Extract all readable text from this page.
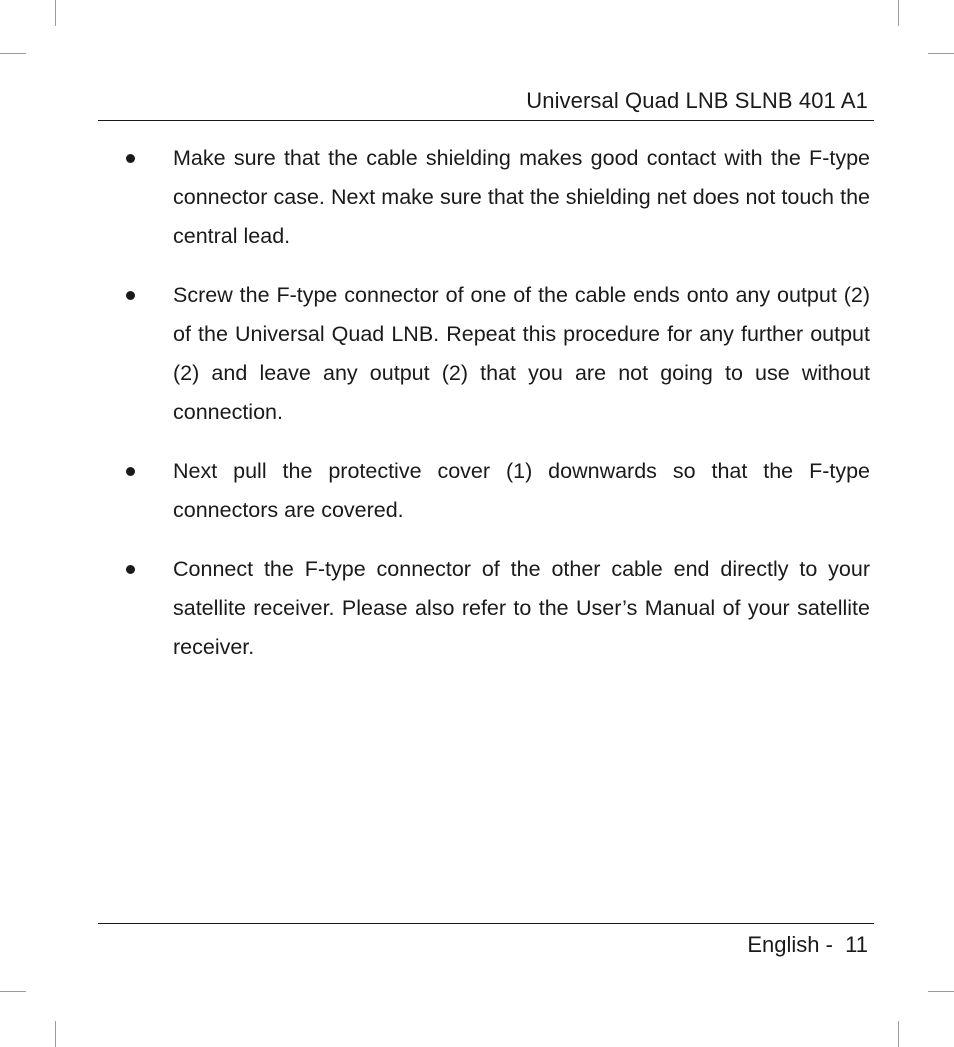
Universal Quad LNB SLNB 401 A1
Make sure that the cable shielding makes good contact with the F-type connector case. Next make sure that the shielding net does not touch the central lead.
Screw the F-type connector of one of the cable ends onto any output (2) of the Universal Quad LNB. Repeat this procedure for any further output (2) and leave any output (2) that you are not going to use without connection.
Next pull the protective cover (1) downwards so that the F-type connectors are covered.
Connect the F-type connector of the other cable end directly to your satellite receiver. Please also refer to the User’s Manual of your satellite receiver.
English -  11
